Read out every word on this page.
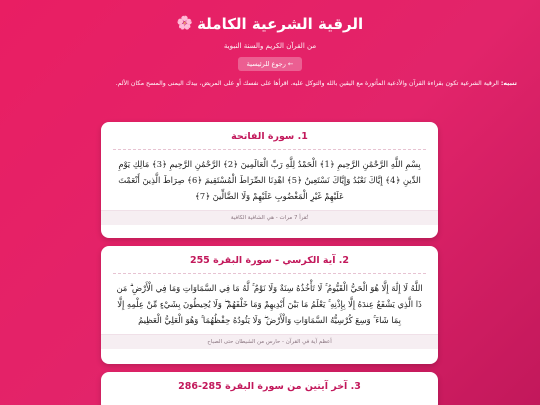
الرقية الشرعية الكاملة
🌸
من القرآن الكريم والسنة النبوية
← رجوع للرئيسية
تنبيه: الرقية الشرعية تكون بقراءة القرآن والأدعية المأثورة مع اليقين بالله والتوكل عليه. اقرأها على نفسك أو على المريض، بيدك اليمنى والمسح مكان الألم.
1. سورة الفاتحة
بِسْمِ اللَّهِ الرَّحْمَٰنِ الرَّحِيمِ ﴿1﴾ الْحَمْدُ لِلَّهِ رَبِّ الْعَالَمِينَ ﴿2﴾ الرَّحْمَٰنِ الرَّحِيمِ ﴿3﴾ مَالِكِ يَوْمِ الدِّينِ ﴿4﴾ إِيَّاكَ نَعْبُدُ وَإِيَّاكَ نَسْتَعِينُ ﴿5﴾ اهْدِنَا الصِّرَاطَ الْمُسْتَقِيمَ ﴿6﴾ صِرَاطَ الَّذِينَ أَنْعَمْتَ عَلَيْهِمْ غَيْرِ الْمَغْضُوبِ عَلَيْهِمْ وَلَا الضَّالِّينَ ﴿7﴾
تُقرأ 7 مرات - هي الشافية الكافية
2. آية الكرسي - سورة البقرة 255
اللَّهُ لَا إِلَٰهَ إِلَّا هُوَ الْحَيُّ الْقَيُّومُ ۚ لَا تَأْخُذُهُ سِنَةٌ وَلَا نَوْمٌ ۚ لَّهُ مَا فِي السَّمَاوَاتِ وَمَا فِي الْأَرْضِ ۗ مَن ذَا الَّذِي يَشْفَعُ عِندَهُ إِلَّا بِإِذْنِهِ ۚ يَعْلَمُ مَا بَيْنَ أَيْدِيهِمْ وَمَا خَلْفَهُمْ ۖ وَلَا يُحِيطُونَ بِشَيْءٍ مِّنْ عِلْمِهِ إِلَّا بِمَا شَاءَ ۚ وَسِعَ كُرْسِيُّهُ السَّمَاوَاتِ وَالْأَرْضَ ۖ وَلَا يَئُودُهُ حِفْظُهُمَا ۚ وَهُوَ الْعَلِيُّ الْعَظِيمُ
أعظم آية في القرآن - حارس من الشيطان حتى الصباح
3. آخر آيتين من سورة البقرة 285-286
